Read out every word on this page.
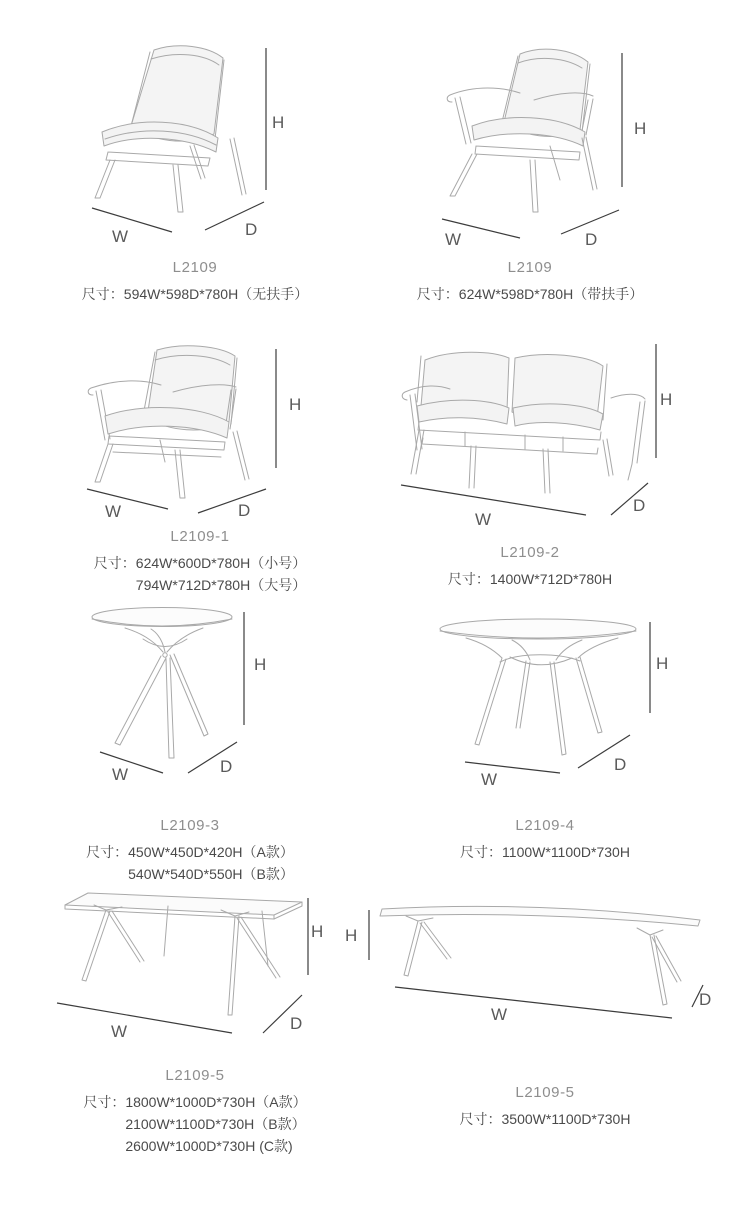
H
W	D
L2109
尺寸：594W*598D*780H（无扶手）
H
W	D
L2109
尺寸：624W*598D*780H（带扶手）
H
W	D
L2109-1
尺寸：624W*600D*780H（小号）
794W*712D*780H（大号）
H
W
D
L2109-2
尺寸：1400W*712D*780H
H
W	D
L2109-3
尺寸：450W*450D*420H（A款）
540W*540D*550H（B款）
H
W
D
L2109-4
尺寸：1100W*1100D*730H
H
W	D
L2109-5
尺寸：1800W*1000D*730H（A款）
2100W*1100D*730H（B款）
2600W*1000D*730H (C款)
H
W
D
L2109-5
尺寸：3500W*1100D*730H
